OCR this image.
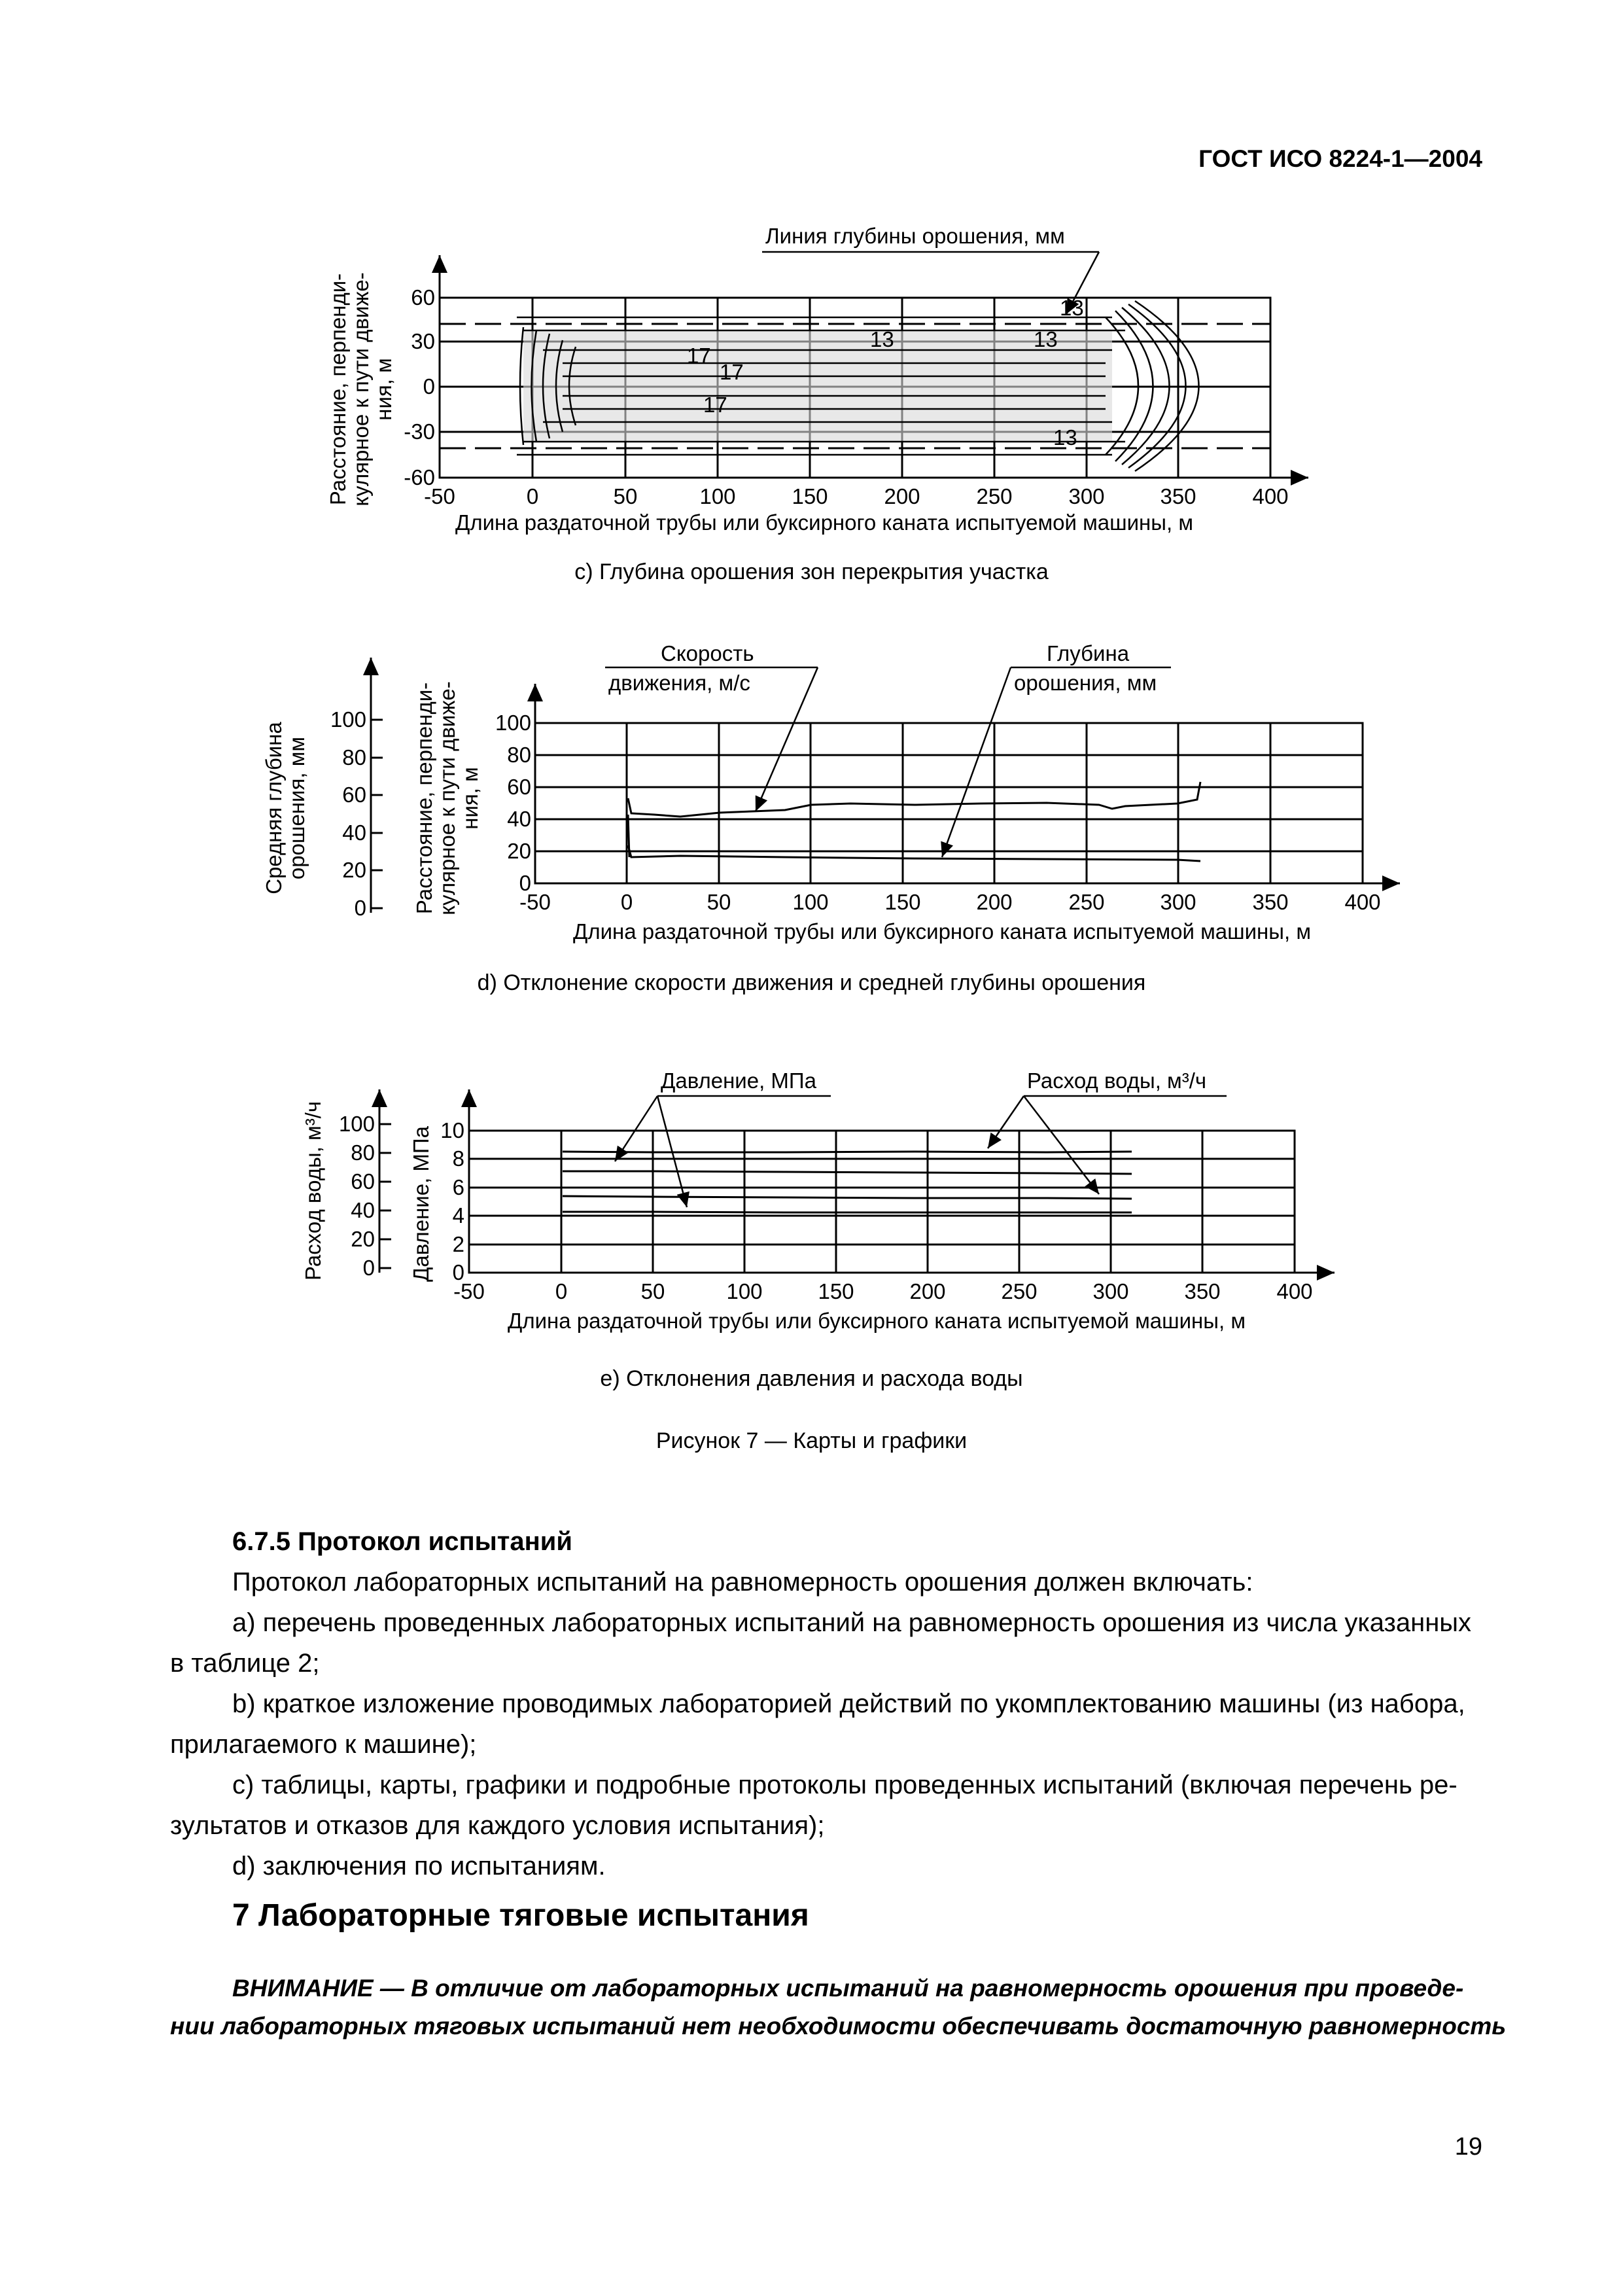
ГОСТ ИСО 8224-1—2004
13
17
17
17
13
13
13
Линия глубины орошения, мм
60
30
0
-30
-60
-50	0	50	100	150	200	250	300	350	400
Длина раздаточной трубы или буксирного каната испытуемой машины, м
Расстояние, перпенди-
кулярное к пути движе-
ния, м
Скорость
движения, м/с
Глубина
орошения, мм
100
80
60
40
20
0
100
80
60
40
20
0	-50	0	50	100	150	200	250	300	350	400
Длина раздаточной трубы или буксирного каната испытуемой машины, м
Средняя глубина
орошения, мм	Расстояние, перпенди-
кулярное к пути движе-
ния, м
Давление, МПа	Расход воды, м³/ч
10
8
6
4
2
0
100
80
60
40
20
0
-50	0	50	100	150	200	250	300	350	400
Длина раздаточной трубы или буксирного каната испытуемой машины, м
Расход воды, м³/ч	Давление, МПа
c) Глубина орошения зон перекрытия участка
d) Отклонение скорости движения и средней глубины орошения
e) Отклонения давления и расхода воды
Рисунок 7 — Карты и графики
6.7.5 Протокол испытаний
Протокол лабораторных испытаний на равномерность орошения должен включать:
a) перечень проведенных лабораторных испытаний на равномерность орошения из числа указанных
в таблице 2;
b) краткое изложение проводимых лабораторией действий по укомплектованию машины (из набора,
прилагаемого к машине);
c) таблицы, карты, графики и подробные протоколы проведенных испытаний (включая перечень ре-
зультатов и отказов для каждого условия испытания);
d) заключения по испытаниям.
7 Лабораторные тяговые испытания
ВНИМАНИЕ — В отличие от лабораторных испытаний на равномерность орошения при проведе-
нии лабораторных тяговых испытаний нет необходимости обеспечивать достаточную равномерность
19
